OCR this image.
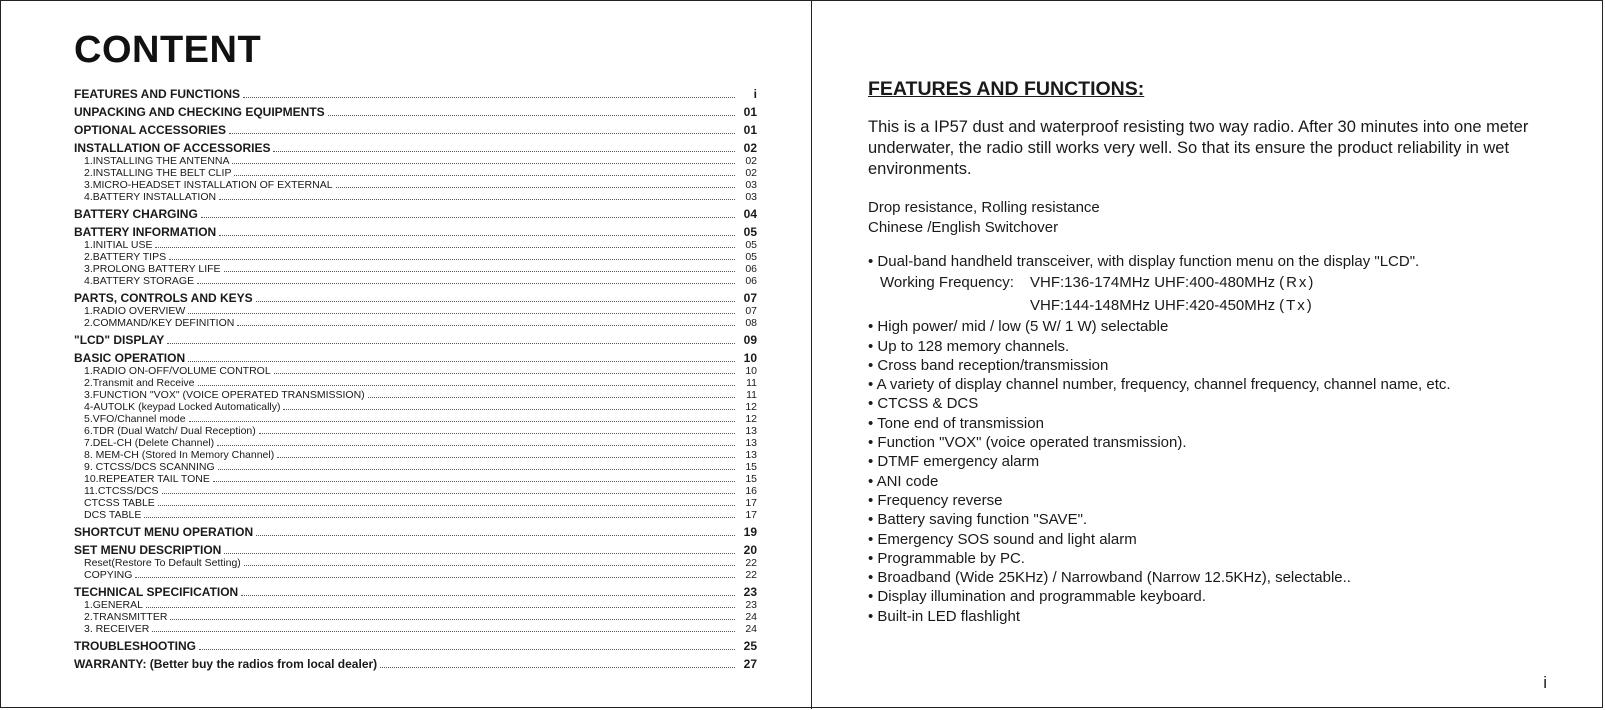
CONTENT
FEATURES AND FUNCTIONS	i
UNPACKING AND CHECKING EQUIPMENTS	01
OPTIONAL ACCESSORIES	01
INSTALLATION OF ACCESSORIES	02
1.INSTALLING THE ANTENNA	02
2.INSTALLING THE BELT CLIP	02
3.MICRO-HEADSET INSTALLATION OF EXTERNAL	03
4.BATTERY INSTALLATION	03
BATTERY CHARGING	04
BATTERY INFORMATION	05
1.INITIAL USE	05
2.BATTERY TIPS	05
3.PROLONG BATTERY LIFE	06
4.BATTERY STORAGE	06
PARTS, CONTROLS AND KEYS	07
1.RADIO OVERVIEW	07
2.COMMAND/KEY DEFINITION	08
"LCD" DISPLAY	09
BASIC OPERATION	10
1.RADIO ON-OFF/VOLUME CONTROL	10
2.Transmit and Receive	11
3.FUNCTION "VOX" (VOICE OPERATED TRANSMISSION)	11
4-AUTOLK (keypad Locked Automatically)	12
5.VFO/Channel mode	12
6.TDR (Dual Watch/ Dual Reception)	13
7.DEL-CH (Delete Channel)	13
8. MEM-CH (Stored In Memory Channel)	13
9. CTCSS/DCS SCANNING	15
10.REPEATER TAIL TONE	15
11.CTCSS/DCS	16
CTCSS TABLE	17
DCS TABLE	17
SHORTCUT MENU OPERATION	19
SET MENU DESCRIPTION	20
Reset(Restore To Default Setting)	22
COPYING	22
TECHNICAL SPECIFICATION	23
1.GENERAL	23
2.TRANSMITTER	24
3. RECEIVER	24
TROUBLESHOOTING	25
WARRANTY: (Better buy the radios from local dealer)	27
FEATURES AND FUNCTIONS:
This is a IP57 dust and waterproof resisting two way radio. After 30 minutes into one meter underwater, the radio still works very well. So that its ensure the product reliability in wet environments.
Drop resistance, Rolling resistance
Chinese /English Switchover
• Dual-band handheld transceiver, with display function menu on the display "LCD".
Working Frequency: VHF:136-174MHz UHF:400-480MHz (Rx)
VHF:144-148MHz UHF:420-450MHz (Tx)
• High power/ mid / low (5 W/ 1 W) selectable
• Up to 128 memory channels.
• Cross band reception/transmission
• A variety of display channel number, frequency, channel frequency, channel name, etc.
• CTCSS & DCS
• Tone end of transmission
• Function "VOX" (voice operated transmission).
• DTMF emergency alarm
• ANI code
• Frequency reverse
• Battery saving function "SAVE".
• Emergency SOS sound and light alarm
• Programmable by PC.
• Broadband (Wide 25KHz) / Narrowband (Narrow 12.5KHz), selectable..
• Display illumination and programmable keyboard.
• Built-in LED flashlight
i
